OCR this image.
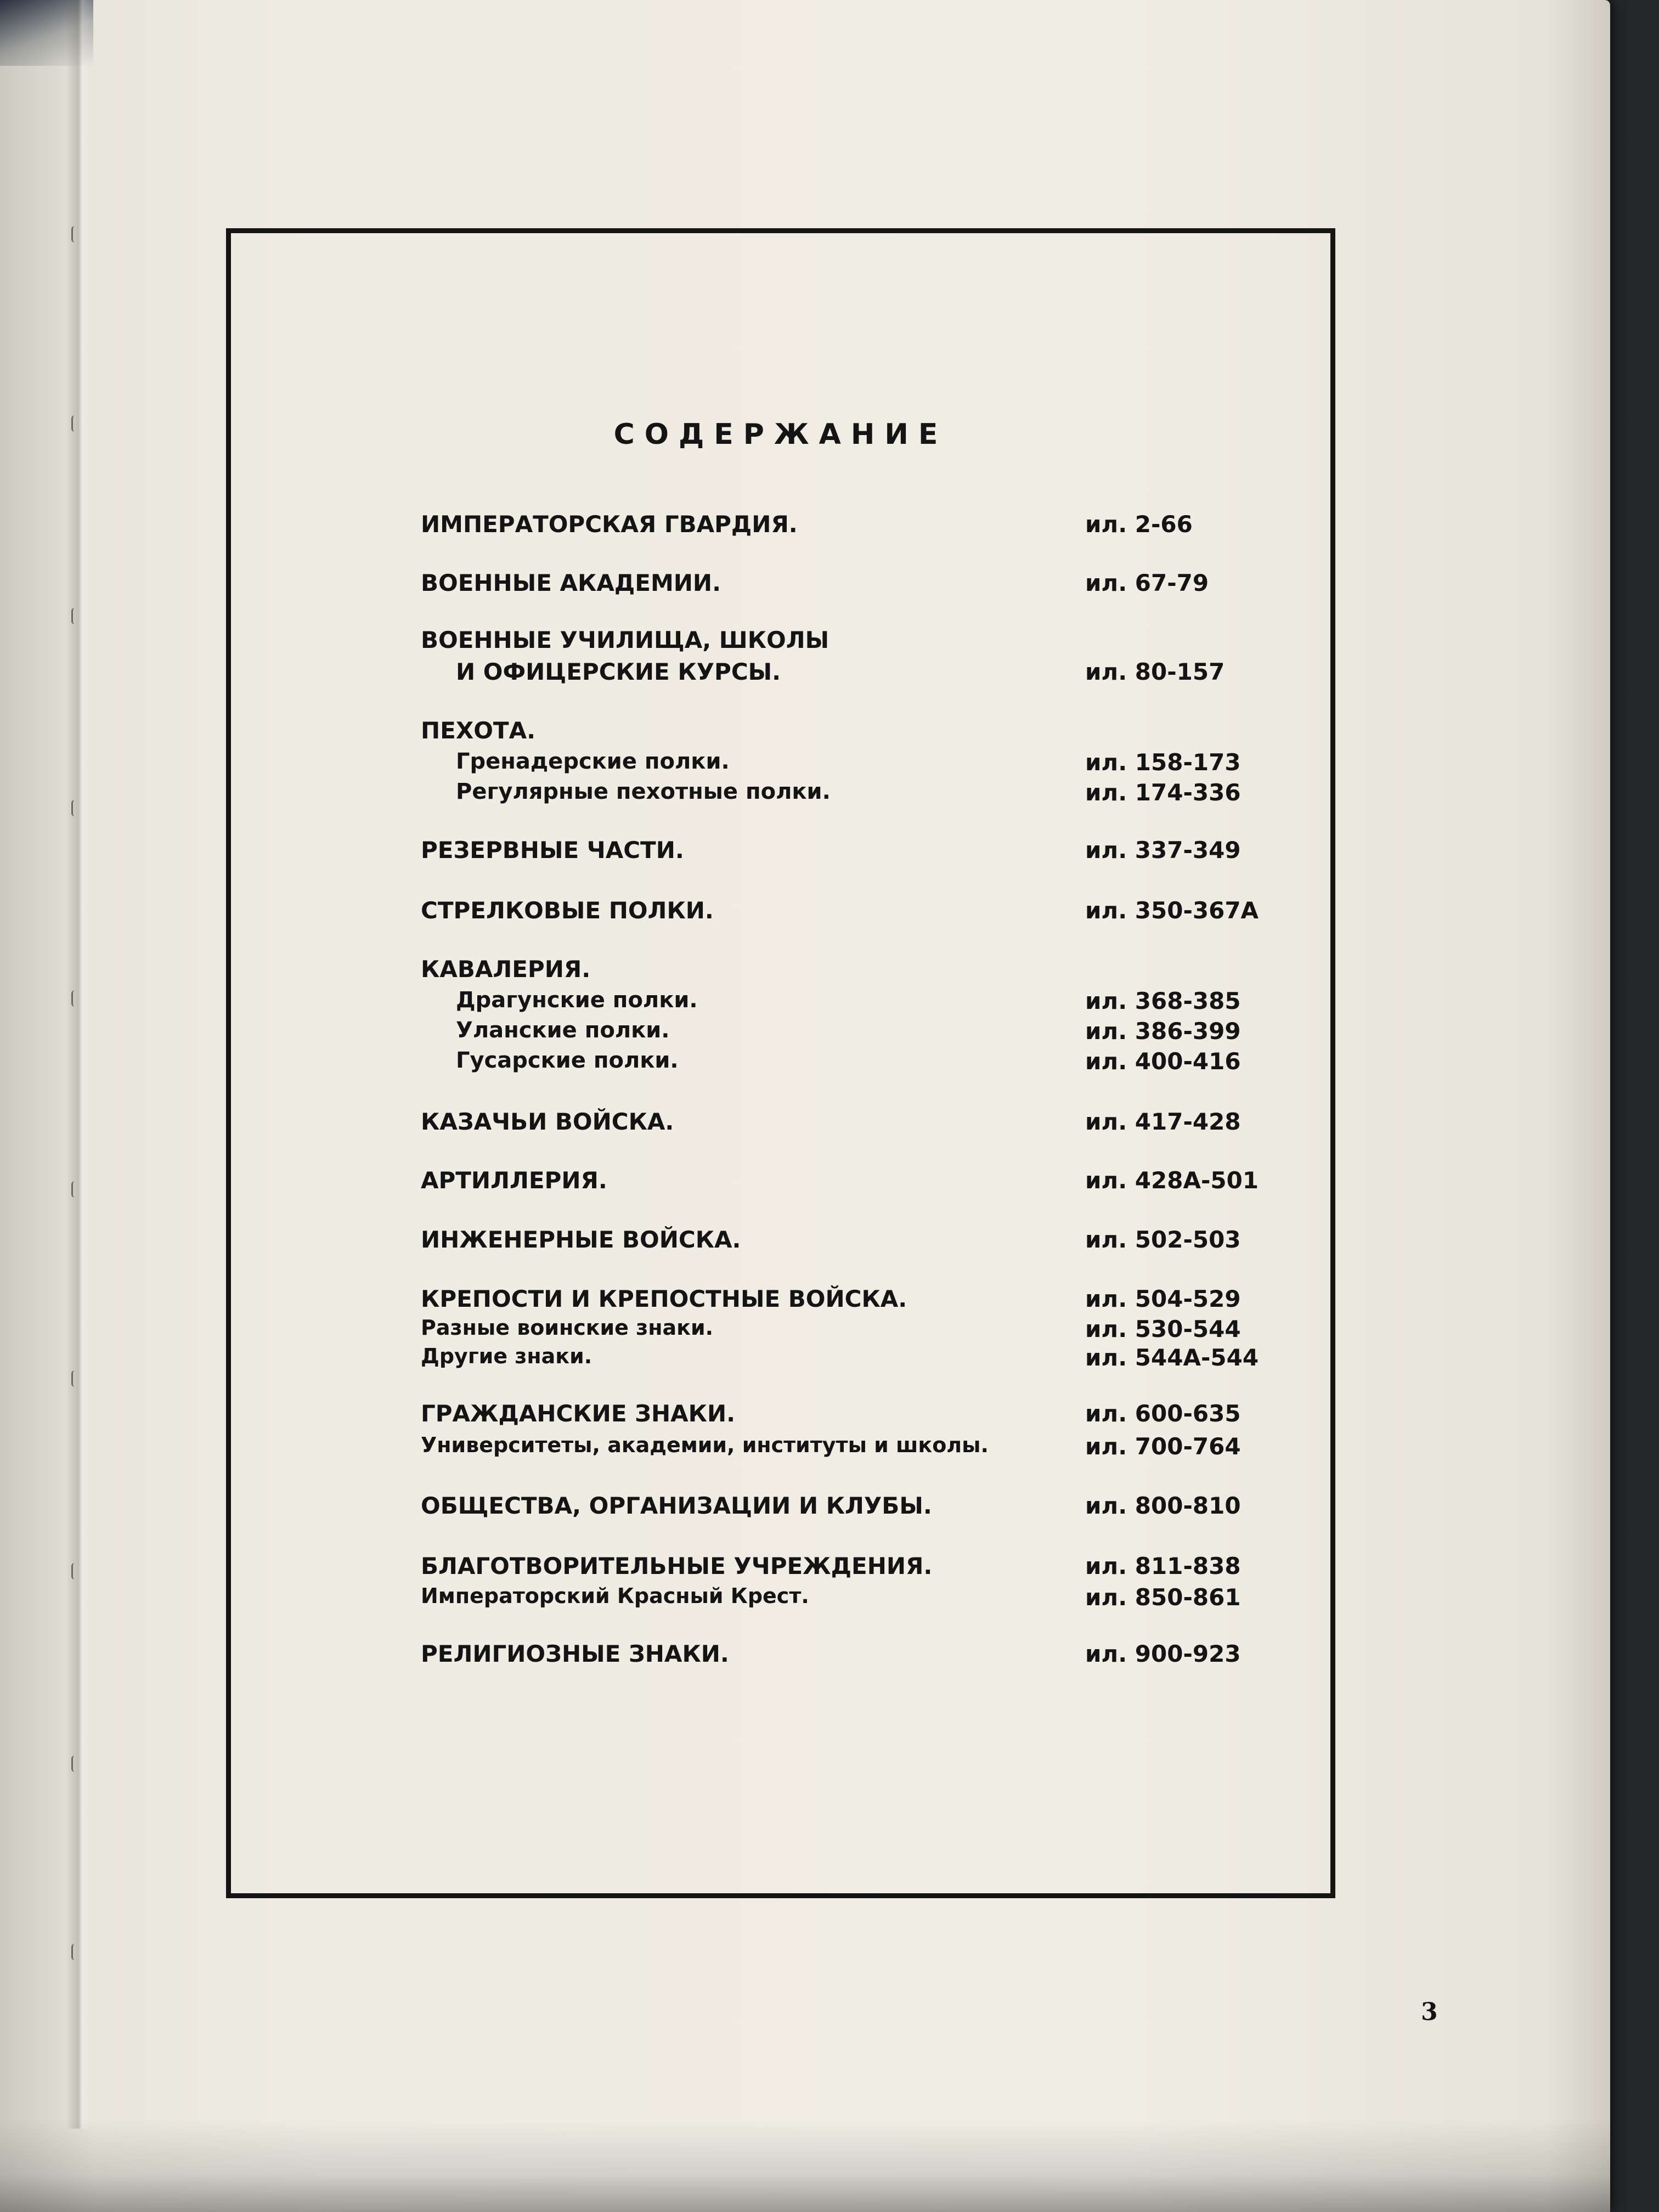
СОДЕРЖАНИЕ
ИМПЕРАТОРСКАЯ ГВАРДИЯ.	ил. 2-66
ВОЕННЫЕ АКАДЕМИИ.	ил. 67-79
ВОЕННЫЕ УЧИЛИЩА, ШКОЛЫ
И ОФИЦЕРСКИЕ КУРСЫ.	ил. 80-157
ПЕХОТА.
Гренадерские полки.	ил. 158-173
Регулярные пехотные полки.	ил. 174-336
РЕЗЕРВНЫЕ ЧАСТИ.	ил. 337-349
СТРЕЛКОВЫЕ ПОЛКИ.	ил. 350-367А
КАВАЛЕРИЯ.
Драгунские полки.	ил. 368-385
Уланские полки.	ил. 386-399
Гусарские полки.	ил. 400-416
КАЗАЧЬИ ВОЙСКА.	ил. 417-428
АРТИЛЛЕРИЯ.	ил. 428А-501
ИНЖЕНЕРНЫЕ ВОЙСКА.	ил. 502-503
КРЕПОСТИ И КРЕПОСТНЫЕ ВОЙСКА.	ил. 504-529
Разные воинские знаки.	ил. 530-544
Другие знаки.	ил. 544А-544
ГРАЖДАНСКИЕ ЗНАКИ.	ил. 600-635
Университеты, академии, институты и школы.	ил. 700-764
ОБЩЕСТВА, ОРГАНИЗАЦИИ И КЛУБЫ.	ил. 800-810
БЛАГОТВОРИТЕЛЬНЫЕ УЧРЕЖДЕНИЯ.	ил. 811-838
Императорский Красный Крест.	ил. 850-861
РЕЛИГИОЗНЫЕ ЗНАКИ.	ил. 900-923
3
